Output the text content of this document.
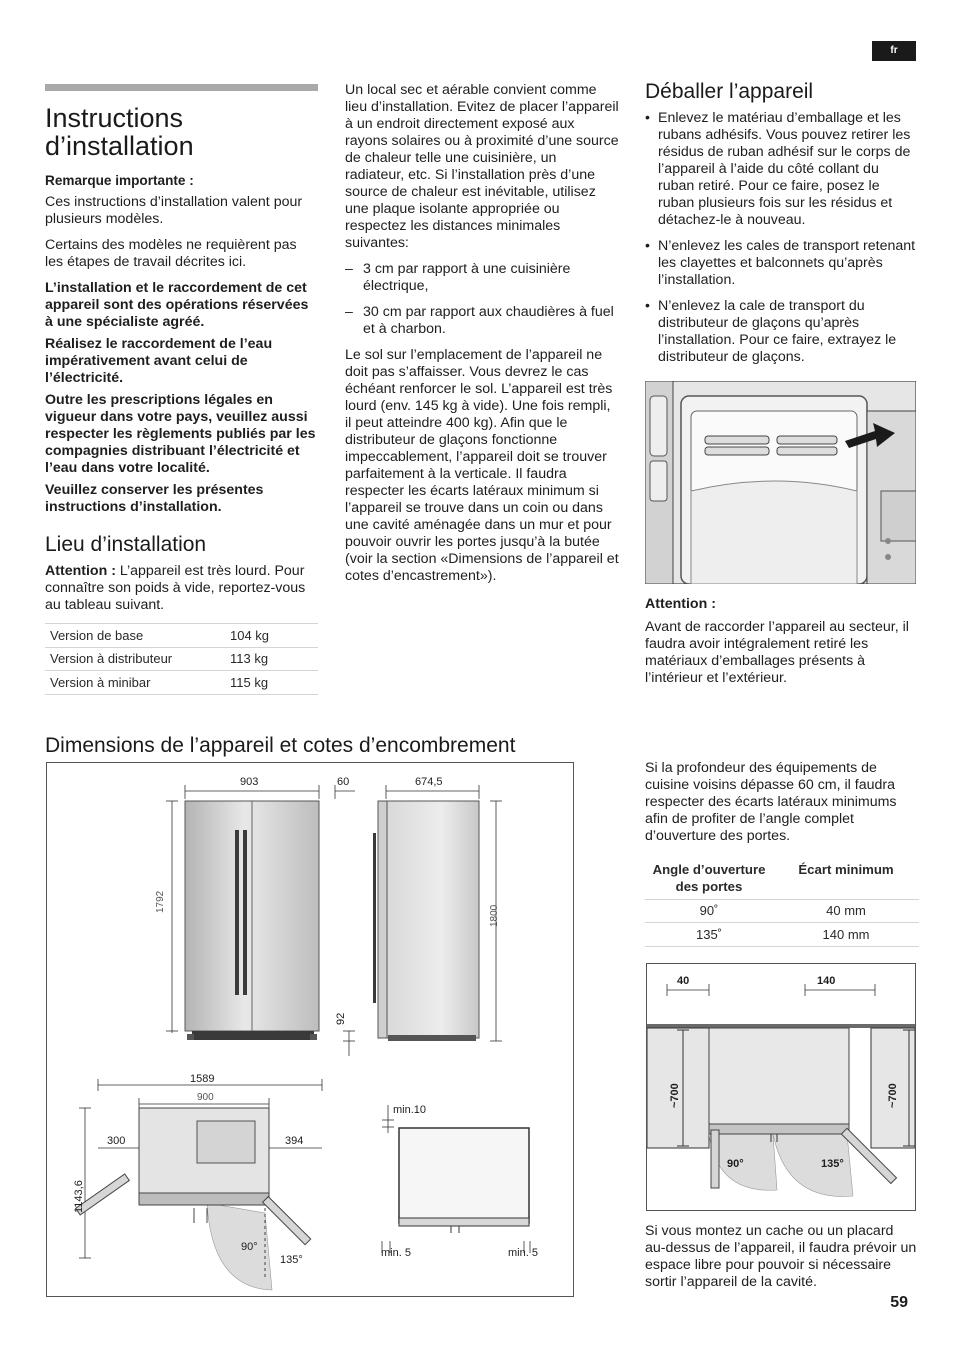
fr
Instructions d’installation

Remarque importante :

Ces instructions d’installation valent pour plusieurs modèles.

Certains des modèles ne requièrent pas les étapes de travail décrites ici.

L’installation et le raccordement de cet appareil sont des opérations réservées à une spécialiste agréé.

Réalisez le raccordement de l’eau impérativement avant celui de l’électricité.

Outre les prescriptions légales en vigueur dans votre pays, veuillez aussi respecter les règlements publiés par les compagnies distribuant l’électricité et l’eau dans votre localité.

Veuillez conserver les présentes instructions d’installation.

Lieu d’installation

Attention : L’appareil est très lourd. Pour connaître son poids à vide, reportez-vous au tableau suivant.

Version de base	104 kg
Version à distributeur	113 kg
Version à minibar	115 kg

Un local sec et aérable convient comme lieu d’installation. Evitez de placer l’appareil à un endroit directement exposé aux rayons solaires ou à proximité d’une source de chaleur telle une cuisinière, un radiateur, etc. Si l’installation près d’une source de chaleur est inévitable, utilisez une plaque isolante appropriée ou respectez les distances minimales suivantes:

– 3 cm par rapport à une cuisinière électrique,

– 30 cm par rapport aux chaudières à fuel et à charbon.

Le sol sur l’emplacement de l’appareil ne doit pas s’affaisser. Vous devrez le cas échéant renforcer le sol. L’appareil est très lourd (env. 145 kg à vide). Une fois rempli, il peut atteindre 400 kg). Afin que le distributeur de glaçons fonctionne impeccablement, l’appareil doit se trouver parfaitement à la verticale. Il faudra respecter les écarts latéraux minimum si l’appareil se trouve dans un coin ou dans une cavité aménagée dans un mur et pour pouvoir ouvrir les portes jusqu’à la butée (voir la section «Dimensions de l’appareil et cotes d’encastrement»).

Déballer l’appareil

• Enlevez le matériau d’emballage et les rubans adhésifs. Vous pouvez retirer les résidus de ruban adhésif sur le corps de l’appareil à l’aide du côté collant du ruban retiré. Pour ce faire, posez le ruban plusieurs fois sur les résidus et détachez-le à nouveau.

• N’enlevez les cales de transport retenant les clayettes et balconnets qu’après l’installation.

• N’enlevez la cale de transport du distributeur de glaçons qu’après l’installation. Pour ce faire, extrayez le distributeur de glaçons.

Attention :

Avant de raccorder l’appareil au secteur, il faudra avoir intégralement retiré les matériaux d’emballages présents à l’intérieur et l’extérieur.

Dimensions de l’appareil et cotes d’encombrement
903	60	674,5
1792
1800
92
1589
900
300	394
1143,6
90°
135°
min.10
min. 5	min. 5

Si la profondeur des équipements de cuisine voisins dépasse 60 cm, il faudra respecter des écarts latéraux minimums afin de profiter de l’angle complet d’ouverture des portes.

Angle d’ouverture des portes	Écart minimum
90˚	40 mm
135˚	140 mm
40	140
~700	~700
90°	135°

Si vous montez un cache ou un placard au-dessus de l’appareil, il faudra prévoir un espace libre pour pouvoir si nécessaire sortir l’appareil de la cavité.

59
